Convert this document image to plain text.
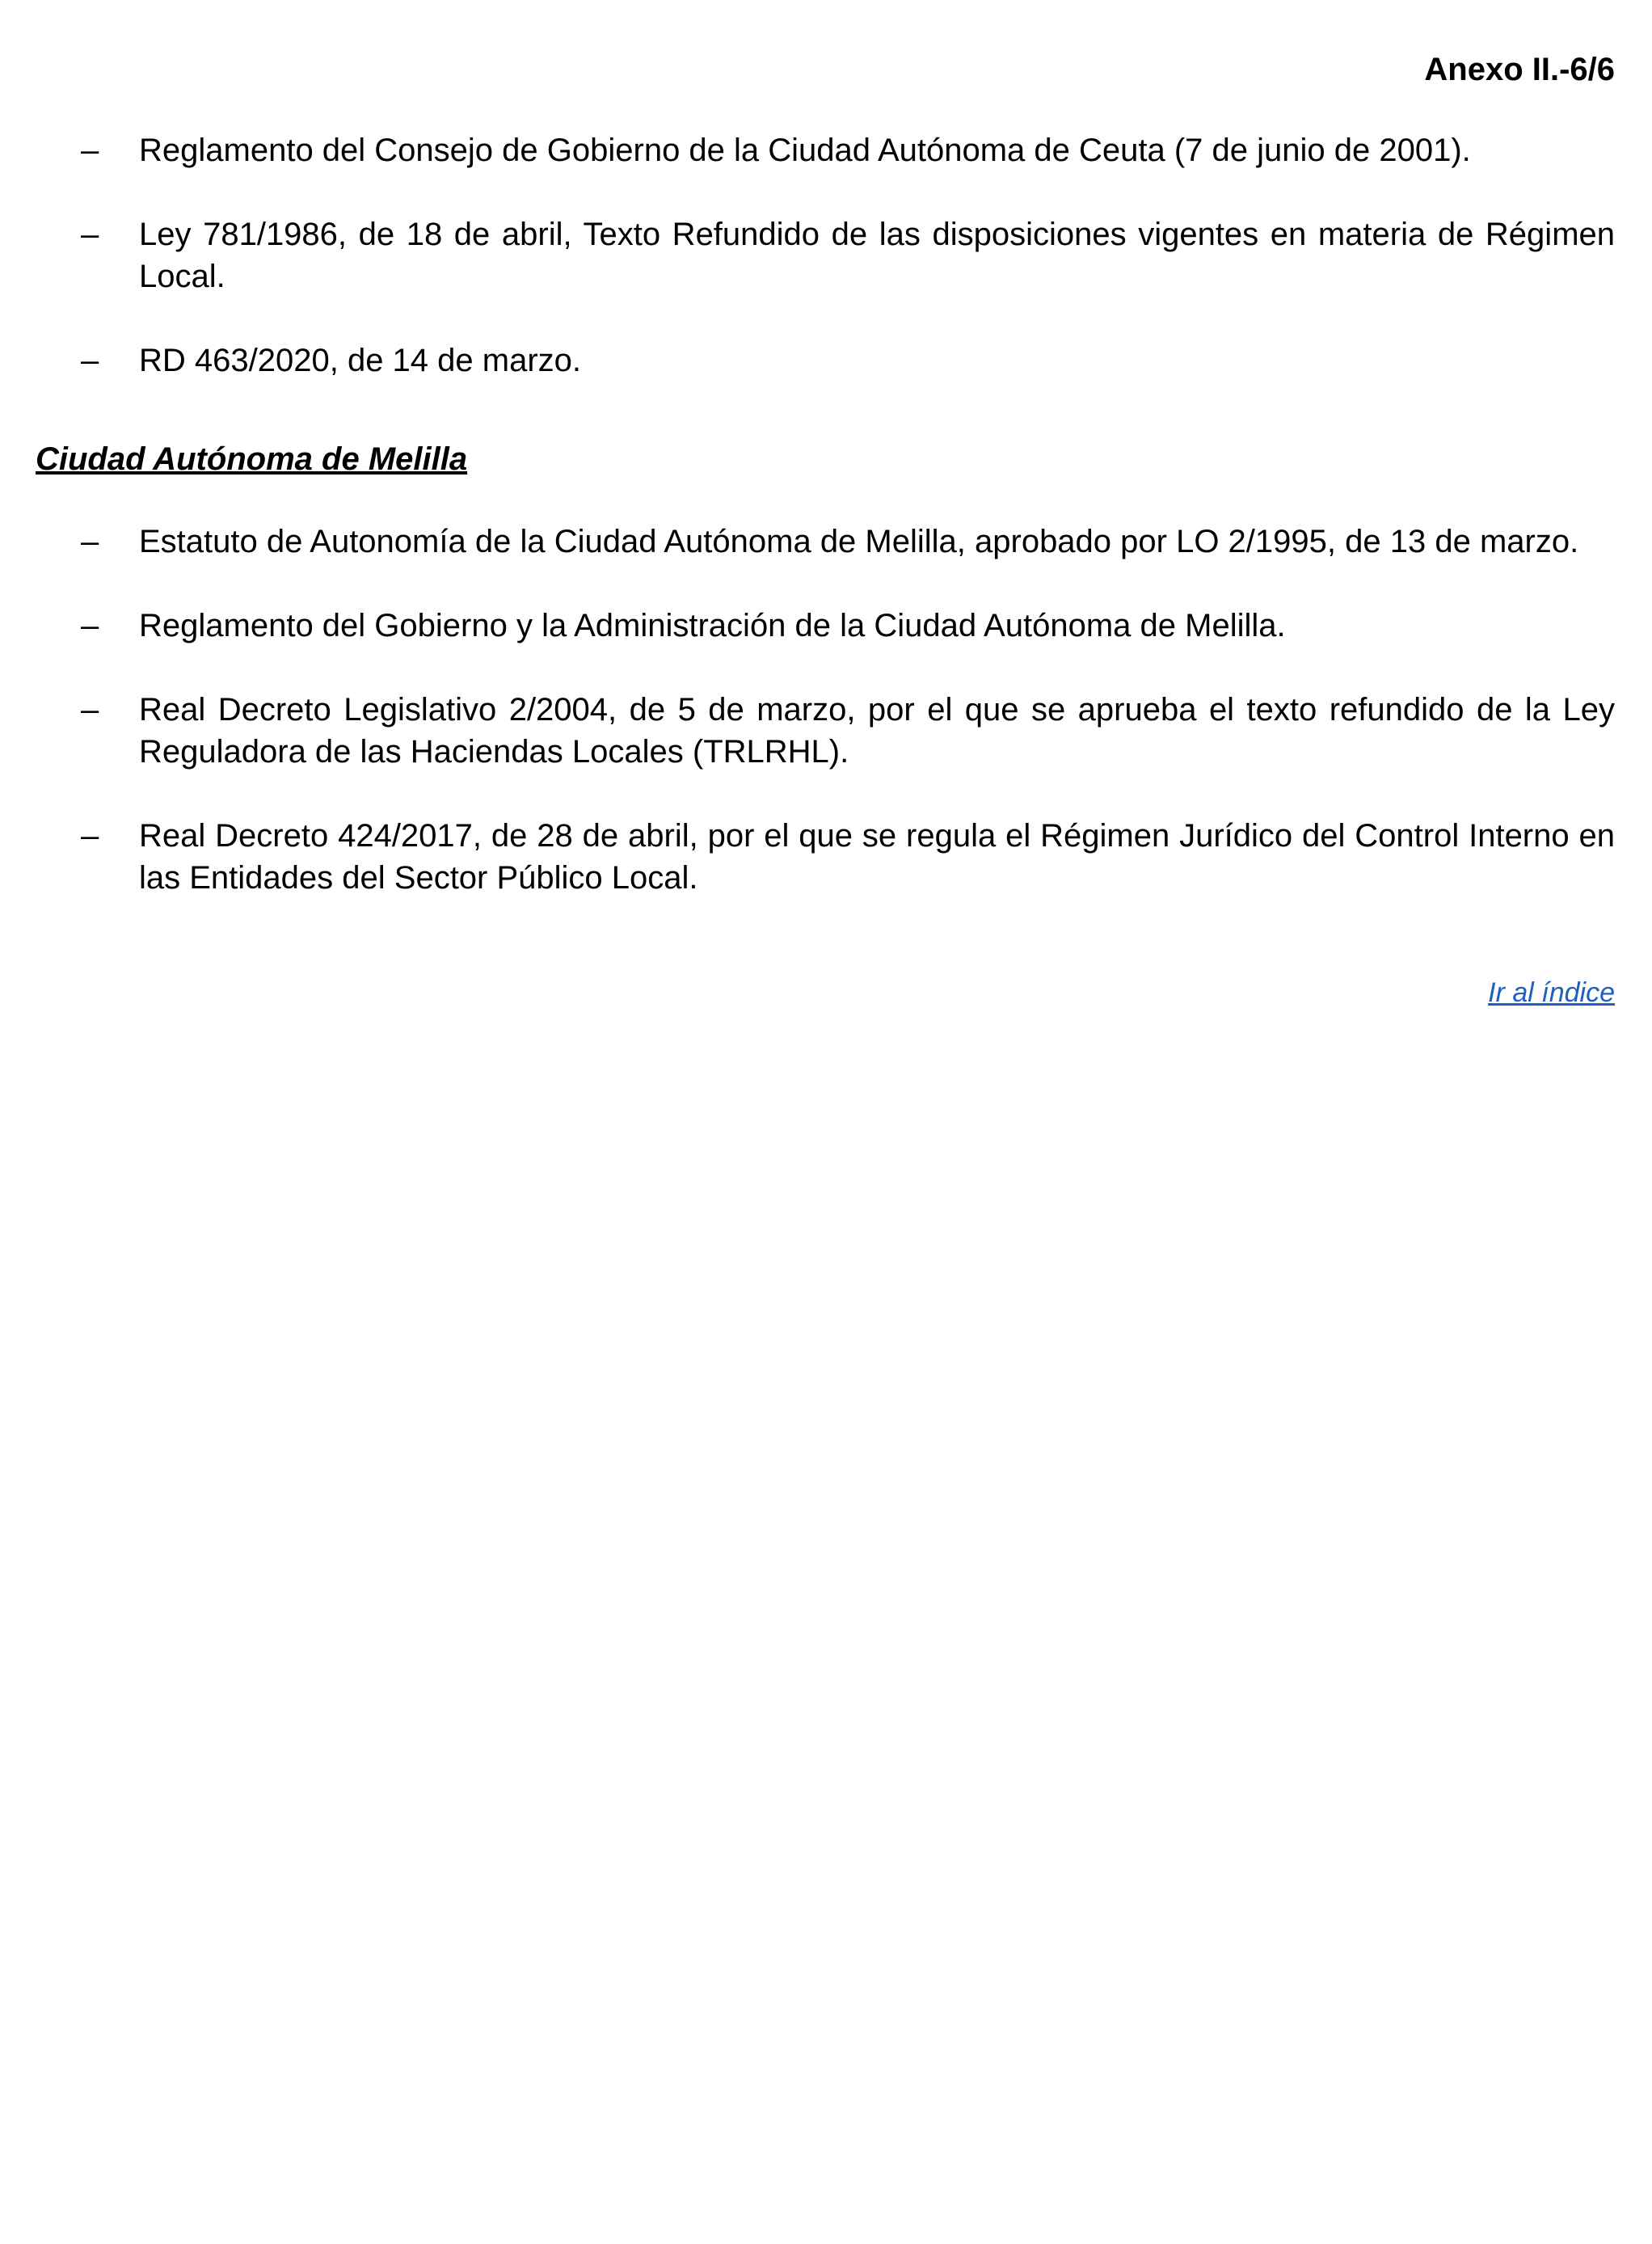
Anexo II.-6/6
– Reglamento del Consejo de Gobierno de la Ciudad Autónoma de Ceuta (7 de junio de 2001).
– Ley 781/1986, de 18 de abril, Texto Refundido de las disposiciones vigentes en materia de Régimen Local.
– RD 463/2020, de 14 de marzo.
Ciudad Autónoma de Melilla
– Estatuto de Autonomía de la Ciudad Autónoma de Melilla, aprobado por LO 2/1995, de 13 de marzo.
– Reglamento del Gobierno y la Administración de la Ciudad Autónoma de Melilla.
– Real Decreto Legislativo 2/2004, de 5 de marzo, por el que se aprueba el texto refundido de la Ley Reguladora de las Haciendas Locales (TRLRHL).
– Real Decreto 424/2017, de 28 de abril, por el que se regula el Régimen Jurídico del Control Interno en las Entidades del Sector Público Local.
Ir al índice
